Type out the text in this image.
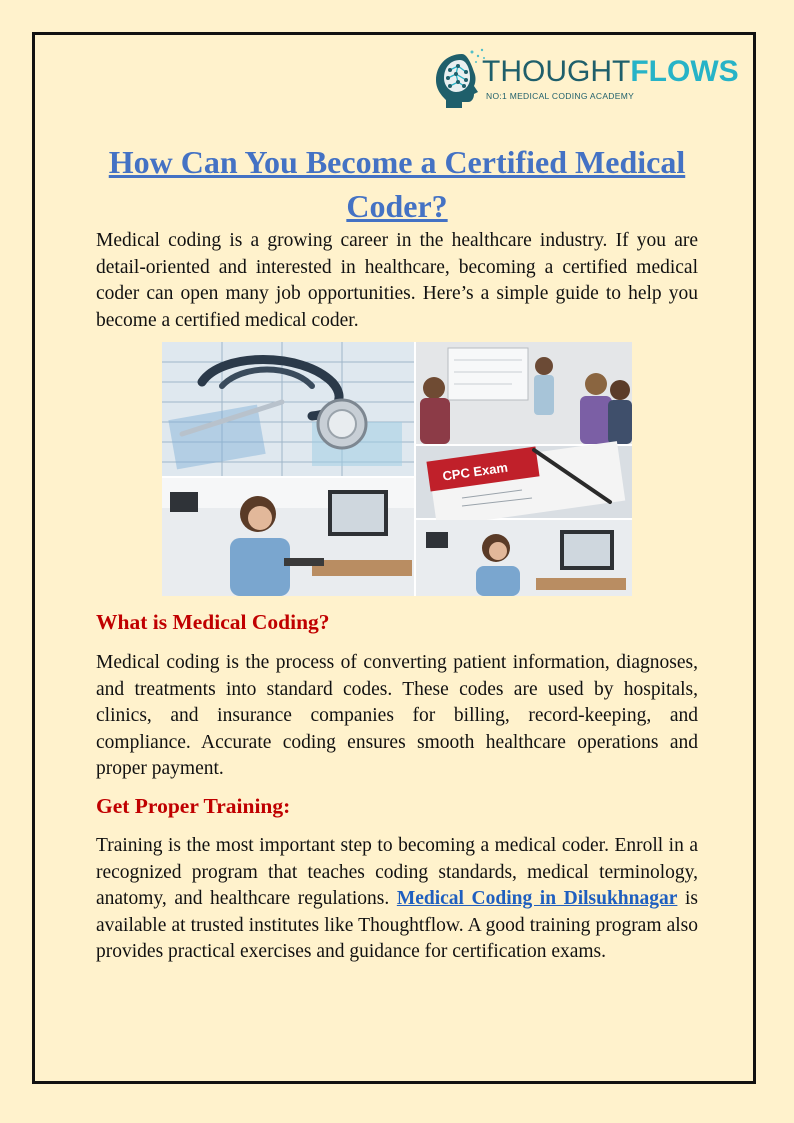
THOUGHTFLOWS
NO:1 MEDICAL CODING ACADEMY
How Can You Become a Certified Medical Coder?

Medical coding is a growing career in the healthcare industry. If you are detail-oriented and interested in healthcare, becoming a certified medical coder can open many job opportunities. Here’s a simple guide to help you become a certified medical coder.

CPC Exam
What is Medical Coding?

Medical coding is the process of converting patient information, diagnoses, and treatments into standard codes. These codes are used by hospitals, clinics, and insurance companies for billing, record-keeping, and compliance. Accurate coding ensures smooth healthcare operations and proper payment.

Get Proper Training:

Training is the most important step to becoming a medical coder. Enroll in a recognized program that teaches coding standards, medical terminology, anatomy, and healthcare regulations. Medical Coding in Dilsukhnagar is available at trusted institutes like Thoughtflow. A good training program also provides practical exercises and guidance for certification exams.
